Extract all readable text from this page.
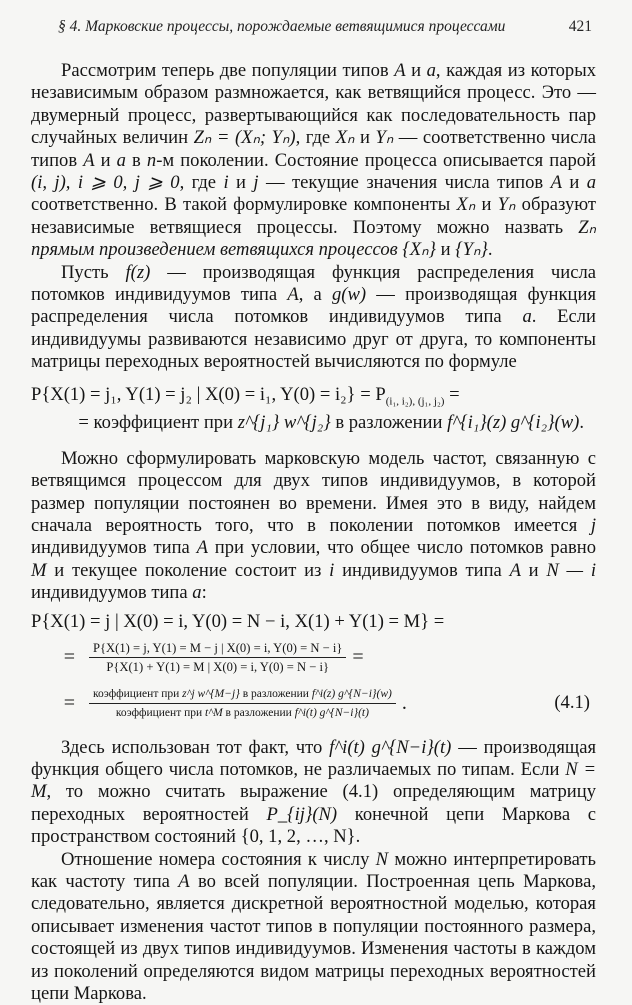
§ 4. Марковские процессы, порождаемые ветвящимися процессами	421

Рассмотрим теперь две популяции типов A и a, каждая из которых независимым образом размножается, как ветвящийся процесс. Это — двумерный процесс, развертывающийся как последовательность пар случайных величин Zₙ = (Xₙ; Yₙ), где Xₙ и Yₙ — соответственно числа типов A и a в n-м поколении. Состояние процесса описывается парой (i, j), i ⩾ 0, j ⩾ 0, где i и j — текущие значения числа типов A и a соответственно. В такой формулировке компоненты Xₙ и Yₙ образуют независимые ветвящиеся процессы. Поэтому можно назвать Zₙ прямым произведением ветвящихся процессов {Xₙ} и {Yₙ}.

Пусть f(z) — производящая функция распределения числа потомков индивидуумов типа A, а g(w) — производящая функция распределения числа потомков индивидуумов типа a. Если индивидуумы развиваются независимо друг от друга, то компоненты матрицы переходных вероятностей вычисляются по формуле

P{X(1) = j₁, Y(1) = j₂ | X(0) = i₁, $Y(0) = i_2\} = P_{(i_1, i_2), (j_1, j_2)}$ =
= коэффициент при z^{j₁} w^{j₂} в разложении f^{i₁}(z) g^{i₂}(w).

Можно сформулировать марковскую модель частот, связанную с ветвящимся процессом для двух типов индивидуумов, в которой размер популяции постоянен во времени. Имея это в виду, найдем сначала вероятность того, что в поколении потомков имеется j индивидуумов типа A при условии, что общее число потомков равно M и текущее поколение состоит из i индивидуумов типа A и N — i индивидуумов типа a:

P{X(1) = j | X(0) = i, Y(0) = N − i, X(1) + Y(1) = M} =
=	$\frac{P\{X(1) = j, Y(1) = M - j | X(0) = i, Y(0) = N - i\}}{P\{X(1) + Y(1) = M | X(0) = i, Y(0) = N - i\}}$ =
=	$\frac{\text{коэффициент при z\textasciicircum{}j w\textasciicircum{}\{M−j\} в разложении f\textasciicircum{}i(z) g\textasciicircum{}\{N−i\}(w)}}{\text{коэффициент при t\textasciicircum{}M в разложении f\textasciicircum{}i(t) g\textasciicircum{}\{N−i\}(t)}}$ .	(4.1)

Здесь использован тот факт, что f^i(t) g^{N−i}(t) — производящая функция общего числа потомков, не различаемых по типам. Если N = M, то можно считать выражение (4.1) определяющим матрицу переходных вероятностей P_{ij}(N) конечной цепи Маркова с пространством состояний {0, 1, 2, …, N}.

Отношение номера состояния к числу N можно интерпретировать как частоту типа A во всей популяции. Построенная цепь Маркова, следовательно, является дискретной вероятностной моделью, которая описывает изменения частот типов в популяции постоянного размера, состоящей из двух типов индивидуумов. Изменения частоты в каждом из поколений определяются видом матрицы переходных вероятностей цепи Маркова.
